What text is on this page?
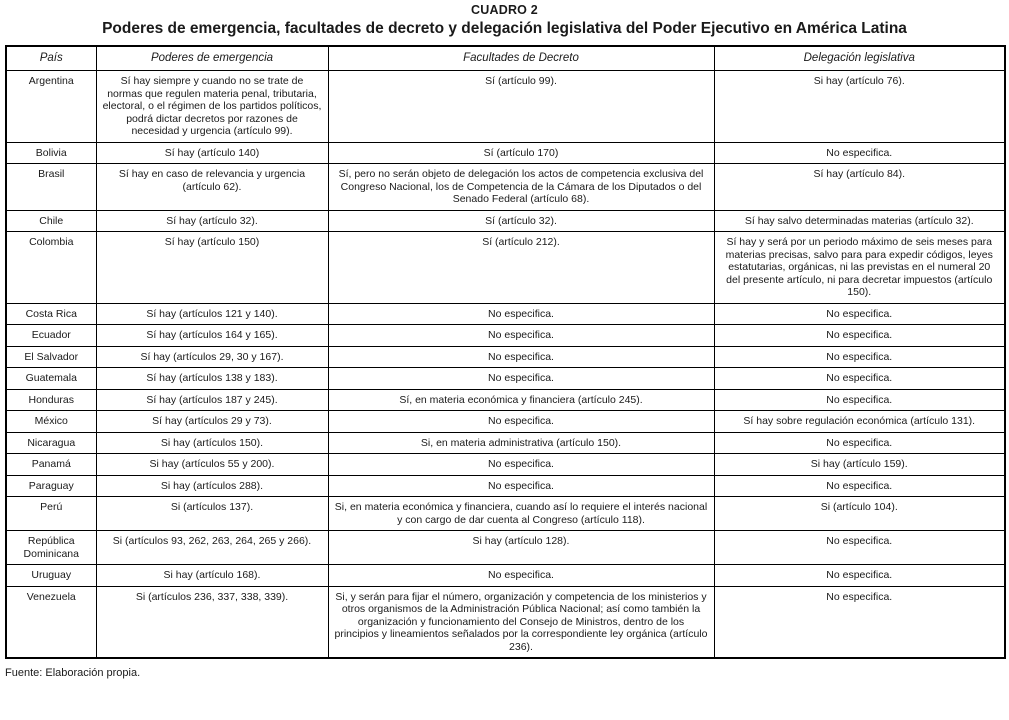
CUADRO 2
Poderes de emergencia, facultades de decreto y delegación legislativa del Poder Ejecutivo en América Latina
País	Poderes de emergencia	Facultades de Decreto	Delegación legislativa
Argentina	Sí hay siempre y cuando no se trate de normas que regulen materia penal, tributaria, electoral, o el régimen de los partidos políticos, podrá dictar decretos por razones de necesidad y urgencia (artículo 99).	Sí (artículo 99).	Si hay (artículo 76).
Bolivia	Sí hay (artículo 140)	Sí (artículo 170)	No especifica.
Brasil	Sí hay en caso de relevancia y urgencia (artículo 62).	Sí, pero no serán objeto de delegación los actos de competencia exclusiva del Congreso Nacional, los de Competencia de la Cámara de los Diputados o del Senado Federal (artículo 68).	Sí hay (artículo 84).
Chile	Sí hay (artículo 32).	Sí (artículo 32).	Sí hay salvo determinadas materias (artículo 32).
Colombia	Sí hay (artículo 150)	Sí (artículo 212).	Sí hay y será por un periodo máximo de seis meses para materias precisas, salvo para para expedir códigos, leyes estatutarias, orgánicas, ni las previstas en el numeral 20 del presente artículo, ni para decretar impuestos (artículo 150).
Costa Rica	Sí hay (artículos 121 y 140).	No especifica.	No especifica.
Ecuador	Sí hay (artículos 164 y 165).	No especifica.	No especifica.
El Salvador	Sí hay (artículos 29, 30 y 167).	No especifica.	No especifica.
Guatemala	Sí hay (artículos 138 y 183).	No especifica.	No especifica.
Honduras	Sí hay (artículos 187 y 245).	Sí, en materia económica y financiera (artículo 245).	No especifica.
México	Sí hay (artículos 29 y 73).	No especifica.	Sí hay sobre regulación económica (artículo 131).
Nicaragua	Si hay (artículos 150).	Si, en materia administrativa (artículo 150).	No especifica.
Panamá	Si hay (artículos 55 y 200).	No especifica.	Si hay (artículo 159).
Paraguay	Si hay (artículos 288).	No especifica.	No especifica.
Perú	Si (artículos 137).	Si, en materia económica y financiera, cuando así lo requiere el interés nacional y con cargo de dar cuenta al Congreso (artículo 118).	Si (artículo 104).
República Dominicana	Si (artículos 93, 262, 263, 264, 265 y 266).	Si hay (artículo 128).	No especifica.
Uruguay	Si hay (artículo 168).	No especifica.	No especifica.
Venezuela	Si (artículos 236, 337, 338, 339).	Si, y serán para fijar el número, organización y competencia de los ministerios y otros organismos de la Administración Pública Nacional; así como también la organización y funcionamiento del Consejo de Ministros, dentro de los principios y lineamientos señalados por la correspondiente ley orgánica (artículo 236).	No especifica.
Fuente: Elaboración propia.
